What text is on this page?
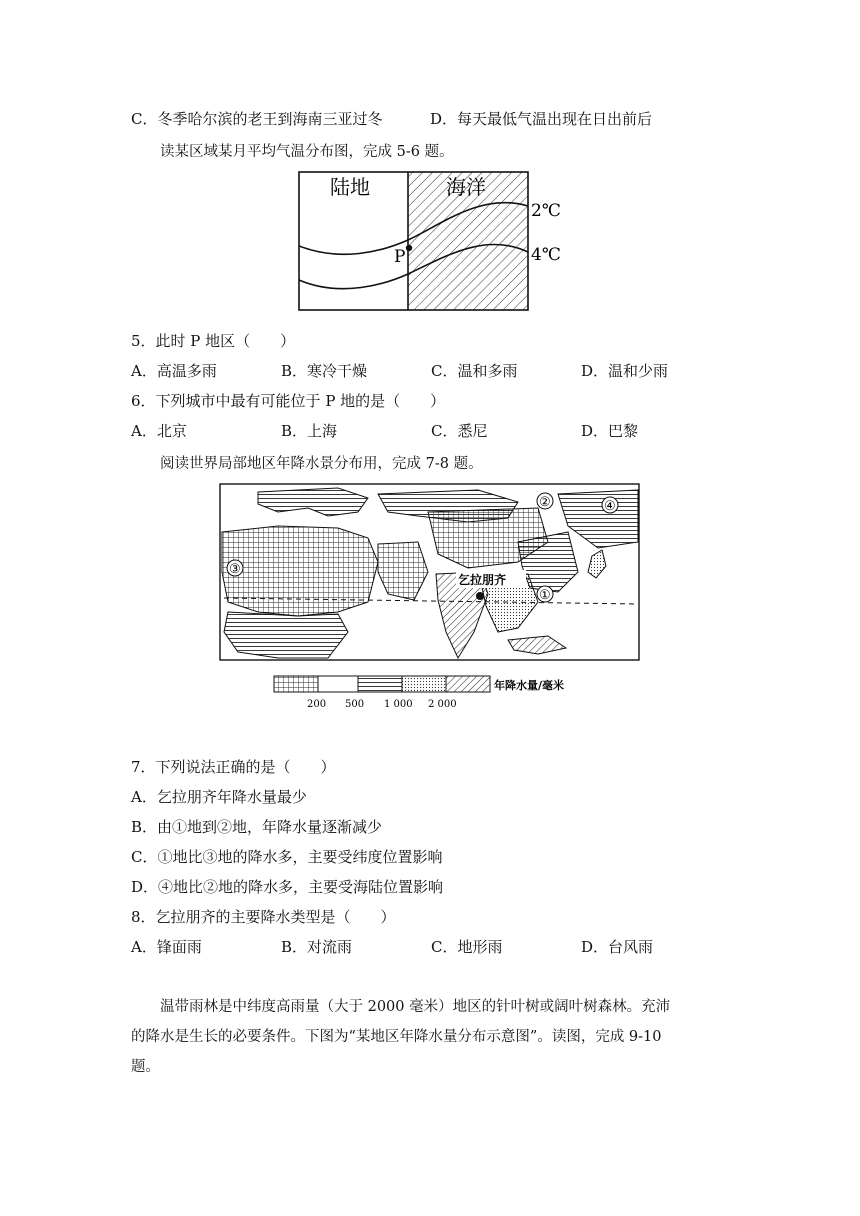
C．冬季哈尔滨的老王到海南三亚过冬	D．每天最低气温出现在日出前后
读某区域某月平均气温分布图，完成 5-6 题。
陆地	海洋
2℃
4℃
P
5．此时 P 地区（　　）
A．高温多雨	B．寒冷干燥	C．温和多雨	D．温和少雨
6．下列城市中最有可能位于 P 地的是（　　）
A．北京	B．上海	C．悉尼	D．巴黎
阅读世界局部地区年降水景分布用，完成 7-8 题。
乞拉朋齐
①
②
③
④
年降水量/毫米
200 500 1 000 2 000
7．下列说法正确的是（　　）
A．乞拉朋齐年降水量最少
B．由①地到②地，年降水量逐渐减少
C．①地比③地的降水多，主要受纬度位置影响
D．④地比②地的降水多，主要受海陆位置影响
8．乞拉朋齐的主要降水类型是（　　）
A．锋面雨	B．对流雨	C．地形雨	D．台风雨
温带雨林是中纬度高雨量（大于 2000 毫米）地区的针叶树或阔叶树森林。充沛
的降水是生长的必要条件。下图为“某地区年降水量分布示意图”。读图，完成 9-10
题。
